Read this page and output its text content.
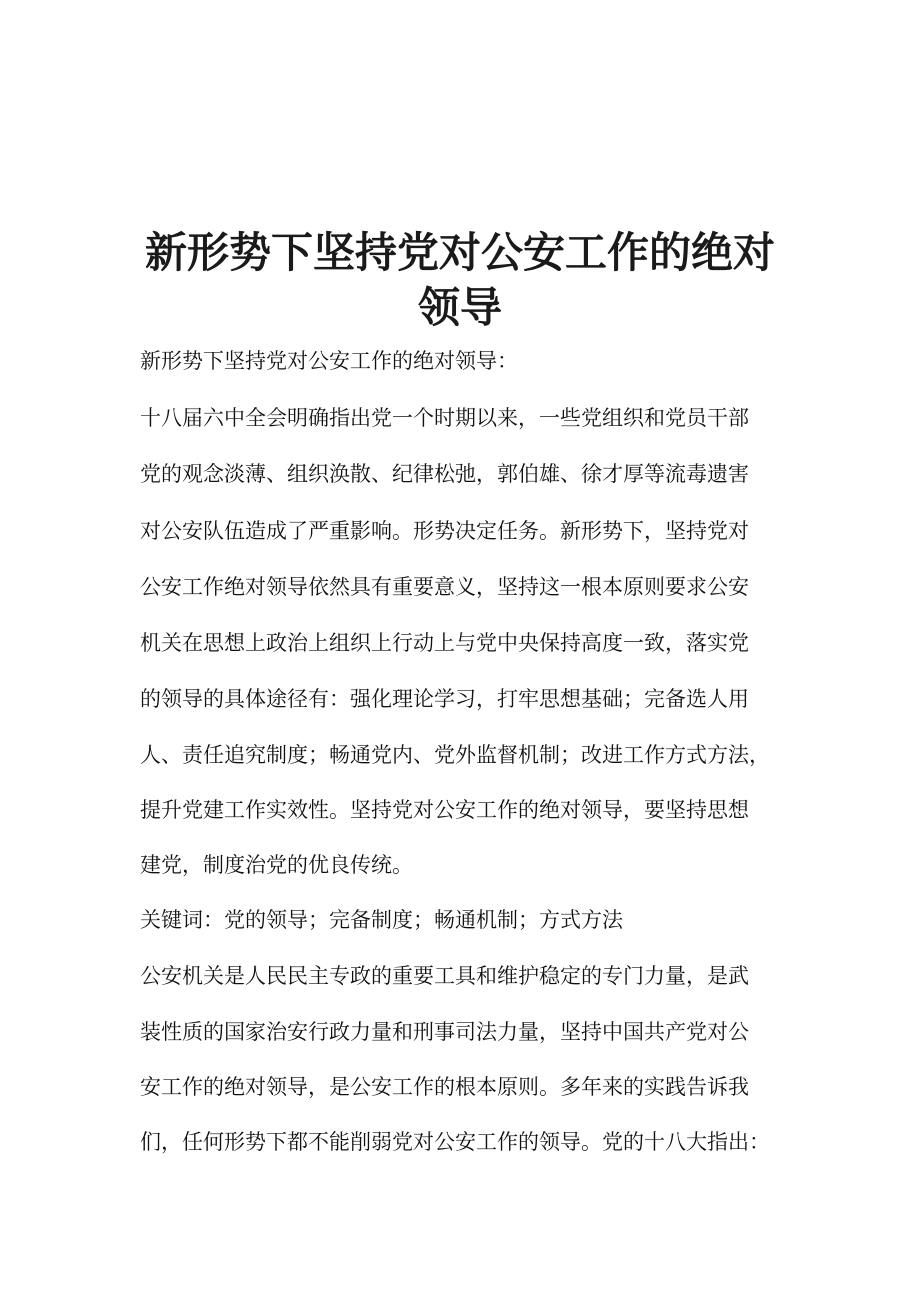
新形势下坚持党对公安工作的绝对
领导
新形势下坚持党对公安工作的绝对领导：
十八届六中全会明确指出党一个时期以来，一些党组织和党员干部
党的观念淡薄、组织涣散、纪律松弛，郭伯雄、徐才厚等流毒遗害
对公安队伍造成了严重影响。形势决定任务。新形势下，坚持党对
公安工作绝对领导依然具有重要意义，坚持这一根本原则要求公安
机关在思想上政治上组织上行动上与党中央保持高度一致，落实党
的领导的具体途径有：强化理论学习，打牢思想基础；完备选人用
人、责任追究制度；畅通党内、党外监督机制；改进工作方式方法，
提升党建工作实效性。坚持党对公安工作的绝对领导，要坚持思想
建党，制度治党的优良传统。
关键词：党的领导；完备制度；畅通机制；方式方法
公安机关是人民民主专政的重要工具和维护稳定的专门力量，是武
装性质的国家治安行政力量和刑事司法力量，坚持中国共产党对公
安工作的绝对领导，是公安工作的根本原则。多年来的实践告诉我
们，任何形势下都不能削弱党对公安工作的领导。党的十八大指出：
